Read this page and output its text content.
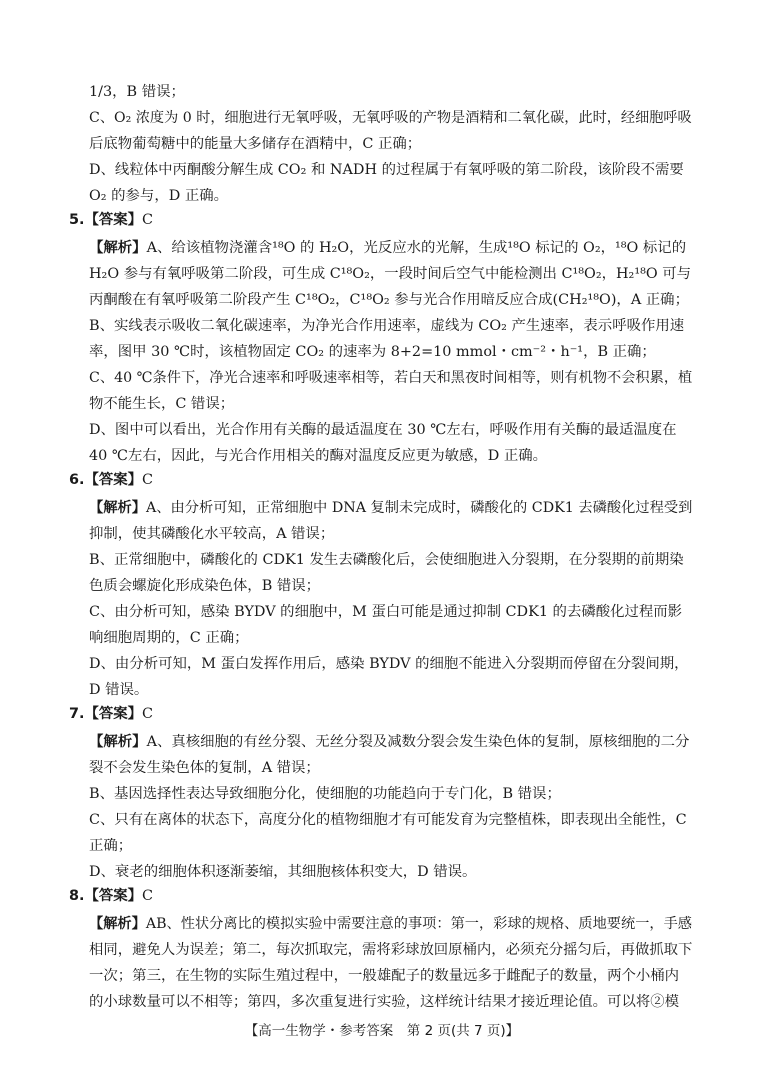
1/3，B 错误；
C、O₂ 浓度为 0 时，细胞进行无氧呼吸，无氧呼吸的产物是酒精和二氧化碳，此时，经细胞呼吸
后底物葡萄糖中的能量大多储存在酒精中，C 正确；
D、线粒体中丙酮酸分解生成 CO₂ 和 NADH 的过程属于有氧呼吸的第二阶段，该阶段不需要
O₂ 的参与，D 正确。
5.【答案】C
【解析】A、给该植物浇灌含¹⁸O 的 H₂O，光反应水的光解，生成¹⁸O 标记的 O₂，¹⁸O 标记的
H₂O 参与有氧呼吸第二阶段，可生成 C¹⁸O₂，一段时间后空气中能检测出 C¹⁸O₂，H₂¹⁸O 可与
丙酮酸在有氧呼吸第二阶段产生 C¹⁸O₂，C¹⁸O₂ 参与光合作用暗反应合成(CH₂¹⁸O)，A 正确；
B、实线表示吸收二氧化碳速率，为净光合作用速率，虚线为 CO₂ 产生速率，表示呼吸作用速
率，图甲 30 ℃时，该植物固定 CO₂ 的速率为 8+2=10 mmol・cm⁻²・h⁻¹，B 正确；
C、40 ℃条件下，净光合速率和呼吸速率相等，若白天和黑夜时间相等，则有机物不会积累，植
物不能生长，C 错误；
D、图中可以看出，光合作用有关酶的最适温度在 30 ℃左右，呼吸作用有关酶的最适温度在
40 ℃左右，因此，与光合作用相关的酶对温度反应更为敏感，D 正确。
6.【答案】C
【解析】A、由分析可知，正常细胞中 DNA 复制未完成时，磷酸化的 CDK1 去磷酸化过程受到
抑制，使其磷酸化水平较高，A 错误；
B、正常细胞中，磷酸化的 CDK1 发生去磷酸化后，会使细胞进入分裂期，在分裂期的前期染
色质会螺旋化形成染色体，B 错误；
C、由分析可知，感染 BYDV 的细胞中，M 蛋白可能是通过抑制 CDK1 的去磷酸化过程而影
响细胞周期的，C 正确；
D、由分析可知，M 蛋白发挥作用后，感染 BYDV 的细胞不能进入分裂期而停留在分裂间期，
D 错误。
7.【答案】C
【解析】A、真核细胞的有丝分裂、无丝分裂及减数分裂会发生染色体的复制，原核细胞的二分
裂不会发生染色体的复制，A 错误；
B、基因选择性表达导致细胞分化，使细胞的功能趋向于专门化，B 错误；
C、只有在离体的状态下，高度分化的植物细胞才有可能发育为完整植株，即表现出全能性，C
正确；
D、衰老的细胞体积逐渐萎缩，其细胞核体积变大，D 错误。
8.【答案】C
【解析】AB、性状分离比的模拟实验中需要注意的事项：第一，彩球的规格、质地要统一，手感
相同，避免人为误差；第二，每次抓取完，需将彩球放回原桶内，必须充分摇匀后，再做抓取下
一次；第三，在生物的实际生殖过程中，一般雄配子的数量远多于雌配子的数量，两个小桶内
的小球数量可以不相等；第四，多次重复进行实验，这样统计结果才接近理论值。可以将②模
【高一生物学・参考答案　第 2 页(共 7 页)】
